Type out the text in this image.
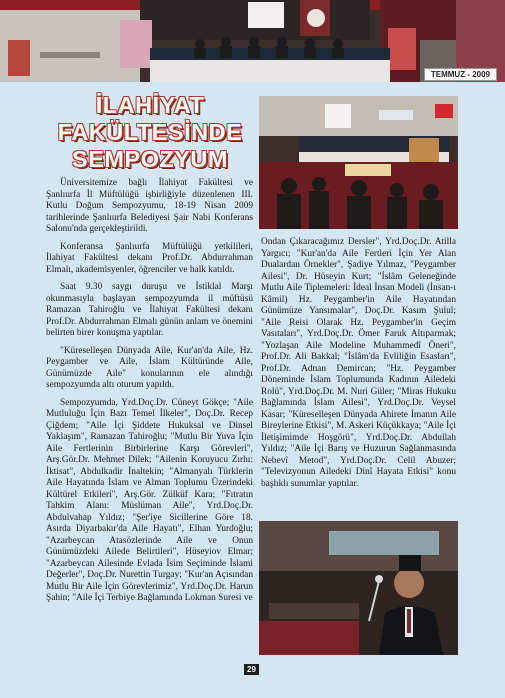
TEMMUZ - 2009
İLAHİYAT
FAKÜLTESİNDE
SEMPOZYUM

Üniversitemize bağlı İlahiyat Fakültesi ve Şanlıurfa İl Müftülüğü işbirliğiyle düzenlenen III. Kutlu Doğum Sempozyumu, 18-19 Nisan 2009 tarihlerinde Şanlıurfa Belediyesi Şair Nabi Konferans Salonu'nda gerçekleştirildi.

Konferansa Şanlıurfa Müftülüğü yetkilileri, İlahiyat Fakültesi dekanı Prof.Dr. Abdurrahman Elmalı, akademisyenler, öğrenciler ve halk katıldı.

Saat 9.30 saygı duruşu ve İstiklal Marşı okunmasıyla başlayan sempozyumda il müftüsü Ramazan Tahiroğlu ve İlahiyat Fakültesi dekanı Prof.Dr. Abdurrahman Elmalı günün anlam ve önemini belirten birer konuşma yaptılar.

"Küreselleşen Dünyada Aile, Kur'an'da Aile, Hz. Peygamber ve Aile, İslam Kültüründe Aile, Günümüzde Aile" konularının ele alındığı sempozyumda altı oturum yapıldı.

Sempozyumda, Yrd.Doç.Dr. Cüneyt Gökçe; "Aile Mutluluğu İçin Bazı Temel İlkeler", Doç.Dr. Recep Çiğdem; "Aile İçi Şiddete Hukuksal ve Dinsel Yaklaşım", Ramazan Tahiroğlu; "Mutlu Bir Yuva İçin Aile Fertlerinin Birbirlerine Karşı Görevleri", Arş.Gör.Dr. Mehmet Dilek; "Ailenin Koruyucu Zırhı: İktisat", Abdulkadir İnaltekin; "Almanyalı Türklerin Aile Hayatında İslam ve Alman Toplumu Üzerindeki Kültürel Etkileri", Arş.Gör. Zülküf Kara; "Fıtratın Tahkim Alanı: Müslüman Aile", Yrd.Doç.Dr. Abdulvahap Yıldız; "Şer'iye Sicillerine Göre 18. Asırda Diyarbakır'da Aile Hayatı", Elhan Yurdoğlu; "Azarbeycan Atasözlerinde Aile ve Onun Günümüzdeki Ailede Belirtileri", Hüseyiov Elmar; "Azarbeycan Ailesinde Evlada İsim Seçiminde İslami Değerler", Doç.Dr. Nurettin Turgay; "Kur'an Açısından Mutlu Bir Aile İçin Görevlerimiz", Yrd.Doç.Dr. Harun Şahin; "Aile İçi Terbiye Bağlamında Lokman Suresi ve

Ondan Çıkaracağımız Dersler", Yrd.Doç.Dr. Atilla Yargıcı; "Kur'an'da Aile Fertleri İçin Yer Alan Dualardan Örnekler", Şadiye Yılmaz, "Peygamber Ailesi", Dr. Hüseyin Kurt; "İslâm Geleneğinde Mutlu Aile Tiplemeleri: İdeal İnsan Modeli (İnsan-ı Kâmil) Hz. Peygamber'in Aile Hayatından Günümüze Yansımalar", Doç.Dr. Kasım Şulul; "Aile Reisi Olarak Hz. Peygamber'in Geçim Vasıtaları", Yrd.Doç.Dr. Ömer Faruk Altıparmak; "Yozlaşan Aile Modeline Muhammedî Öneri", Prof.Dr. Ali Bakkal; "İslâm'da Evliliğin Esasları", Prof.Dr. Adnan Demircan; "Hz. Peygamber Döneminde İslam Toplumunda Kadının Ailedeki Rolü", Yrd.Doç.Dr. M. Nuri Güler; "Miras Hukuku Bağlamında İslam Ailesi", Yrd.Doç.Dr. Veysel Kasar; "Küreselleşen Dünyada Ahirete İmanın Aile Bireylerine Etkisi", M. Askeri Küçükkaya; "Aile İçi İletişimimde Hoşgörü", Yrd.Doç.Dr. Abdullah Yıldız; "Aile İçi Barış ve Huzurun Sağlanmasında Nebevî Metod", Yrd.Doç.Dr. Celil Abuzer; "Televizyonun Ailedeki Dinî Hayata Etkisi" konu başlıklı sunumlar yaptılar.

29
